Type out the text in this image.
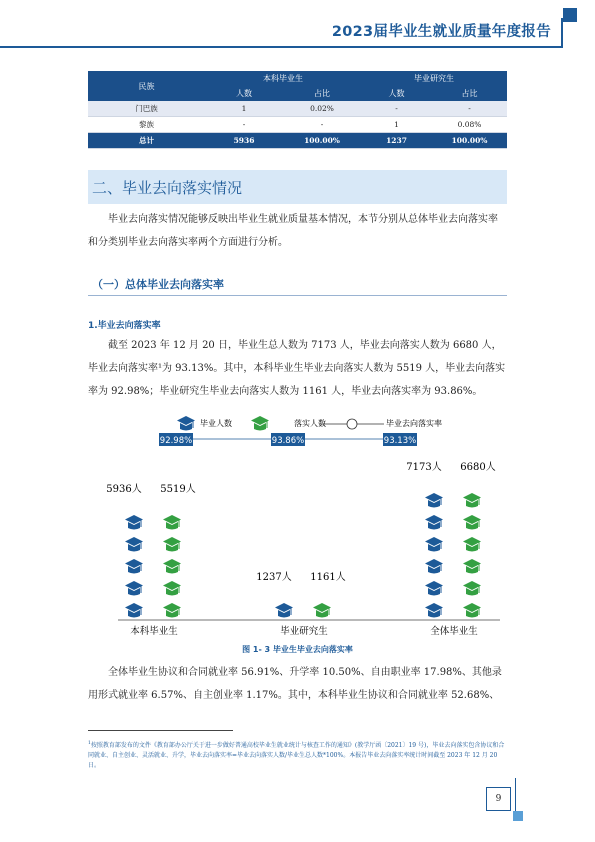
2023届毕业生就业质量年度报告
民族	本科毕业生		毕业研究生	
	人数	占比	人数	占比
门巴族	1	0.02%	-	-
黎族	-	-	1	0.08%
总计	5936	100.00%	1237	100.00%
二、毕业去向落实情况
毕业去向落实情况能够反映出毕业生就业质量基本情况，本节分别从总体毕业去向落实率和分类别毕业去向落实率两个方面进行分析。
（一）总体毕业去向落实率
1.毕业去向落实率
截至 2023 年 12 月 20 日，毕业生总人数为 7173 人，毕业去向落实人数为 6680 人，毕业去向落实率¹为 93.13%。其中，本科毕业生毕业去向落实人数为 5519 人，毕业去向落实率为 92.98%；毕业研究生毕业去向落实人数为 1161 人，毕业去向落实率为 93.86%。
毕业人数	落实人数	毕业去向落实率
5936人 5519人
本科毕业生
92.98%
1237人 1161人
毕业研究生
93.86%
7173人 6680人
全体毕业生
93.13%
图 1- 3 毕业生毕业去向落实率
全体毕业生协议和合同就业率 56.91%、升学率 10.50%、自由职业率 17.98%、其他录用形式就业率 6.57%、自主创业率 1.17%。其中，本科毕业生协议和合同就业率 52.68%、
$^1$按照教育部发布的文件《教育部办公厅关于进一步做好普通高校毕业生就业统计与核查工作的通知》(教学厅函〔2021〕19 号)，毕业去向落实包含协议和合同就业、自主创业、灵活就业、升学，毕业去向落实率=毕业去向落实人数/毕业生总人数*100%。本报告毕业去向落实率统计时间截至 2023 年 12 月 20 日。
9
